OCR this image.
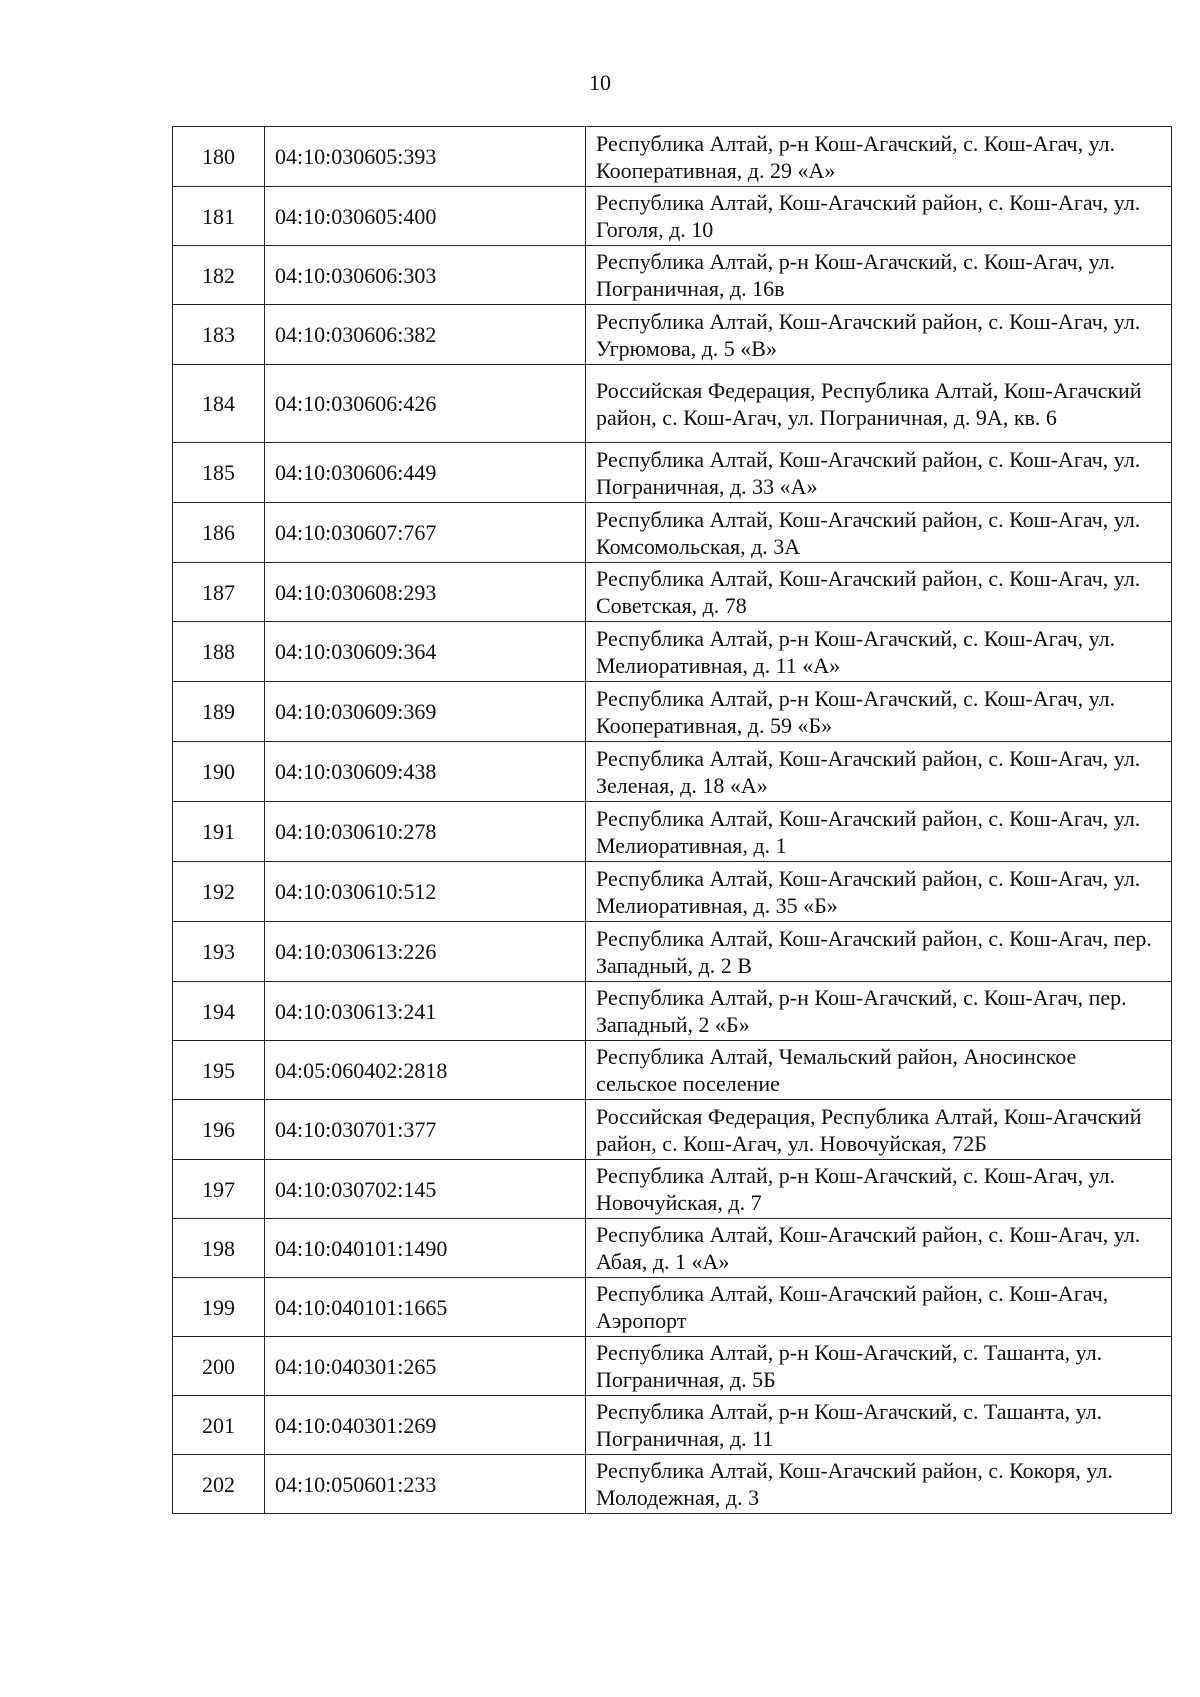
10
180	04:10:030605:393	Республика Алтай, р-н Кош-Агачский, с. Кош-Агач, ул. Кооперативная, д. 29 «А»
181	04:10:030605:400	Республика Алтай, Кош-Агачский район, с. Кош-Агач, ул. Гоголя, д. 10
182	04:10:030606:303	Республика Алтай, р-н Кош-Агачский, с. Кош-Агач, ул. Пограничная, д. 16в
183	04:10:030606:382	Республика Алтай, Кош-Агачский район, с. Кош-Агач, ул. Угрюмова, д. 5 «В»
184	04:10:030606:426	Российская Федерация, Республика Алтай, Кош-Агачский район, с. Кош-Агач, ул. Пограничная, д. 9А, кв. 6
185	04:10:030606:449	Республика Алтай, Кош-Агачский район, с. Кош-Агач, ул. Пограничная, д. 33 «А»
186	04:10:030607:767	Республика Алтай, Кош-Агачский район, с. Кош-Агач, ул. Комсомольская, д. 3А
187	04:10:030608:293	Республика Алтай, Кош-Агачский район, с. Кош-Агач, ул. Советская, д. 78
188	04:10:030609:364	Республика Алтай, р-н Кош-Агачский, с. Кош-Агач, ул. Мелиоративная, д. 11 «А»
189	04:10:030609:369	Республика Алтай, р-н Кош-Агачский, с. Кош-Агач, ул. Кооперативная, д. 59 «Б»
190	04:10:030609:438	Республика Алтай, Кош-Агачский район, с. Кош-Агач, ул. Зеленая, д. 18 «А»
191	04:10:030610:278	Республика Алтай, Кош-Агачский район, с. Кош-Агач, ул. Мелиоративная, д. 1
192	04:10:030610:512	Республика Алтай, Кош-Агачский район, с. Кош-Агач, ул. Мелиоративная, д. 35 «Б»
193	04:10:030613:226	Республика Алтай, Кош-Агачский район, с. Кош-Агач, пер. Западный, д. 2 В
194	04:10:030613:241	Республика Алтай, р-н Кош-Агачский, с. Кош-Агач, пер. Западный, 2 «Б»
195	04:05:060402:2818	Республика Алтай, Чемальский район, Аносинское сельское поселение
196	04:10:030701:377	Российская Федерация, Республика Алтай, Кош-Агачский район, с. Кош-Агач, ул. Новочуйская, 72Б
197	04:10:030702:145	Республика Алтай, р-н Кош-Агачский, с. Кош-Агач, ул. Новочуйская, д. 7
198	04:10:040101:1490	Республика Алтай, Кош-Агачский район, с. Кош-Агач, ул. Абая, д. 1 «А»
199	04:10:040101:1665	Республика Алтай, Кош-Агачский район, с. Кош-Агач, Аэропорт
200	04:10:040301:265	Республика Алтай, р-н Кош-Агачский, с. Ташанта, ул. Пограничная, д. 5Б
201	04:10:040301:269	Республика Алтай, р-н Кош-Агачский, с. Ташанта, ул. Пограничная, д. 11
202	04:10:050601:233	Республика Алтай, Кош-Агачский район, с. Кокоря, ул. Молодежная, д. 3
